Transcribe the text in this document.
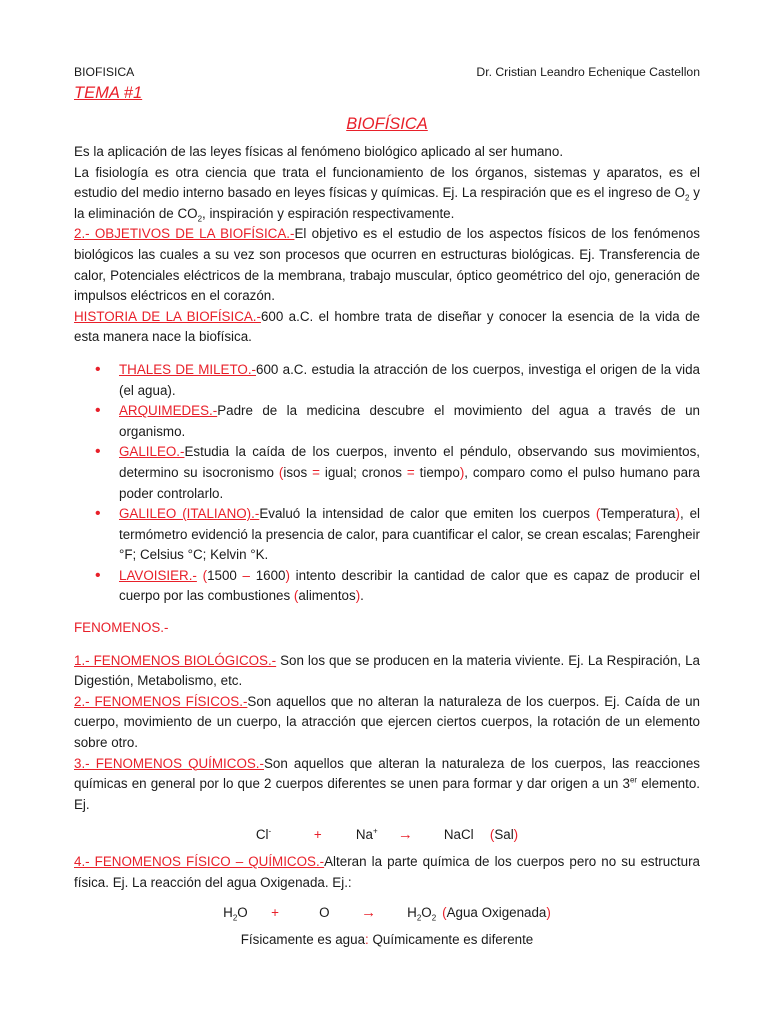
BIOFISICA	Dr. Cristian Leandro Echenique Castellon
TEMA #1
BIOFÍSICA

Es la aplicación de las leyes físicas al fenómeno biológico aplicado al ser humano.

La fisiología es otra ciencia que trata el funcionamiento de los órganos, sistemas y aparatos, es el estudio del medio interno basado en leyes físicas y químicas. Ej. La respiración que es el ingreso de $O_2$ y la eliminación de $CO_2$, inspiración y espiración respectivamente.

2.- OBJETIVOS DE LA BIOFÍSICA.-El objetivo es el estudio de los aspectos físicos de los fenómenos biológicos las cuales a su vez son procesos que ocurren en estructuras biológicas. Ej. Transferencia de calor, Potenciales eléctricos de la membrana, trabajo muscular, óptico geométrico del ojo, generación de impulsos eléctricos en el corazón.

HISTORIA DE LA BIOFÍSICA.-600 a.C. el hombre trata de diseñar y conocer la esencia de la vida de esta manera nace la biofísica.

• THALES DE MILETO.-600 a.C. estudia la atracción de los cuerpos, investiga el origen de la vida (el agua).
• ARQUIMEDES.-Padre de la medicina descubre el movimiento del agua a través de un organismo.
• GALILEO.-Estudia la caída de los cuerpos, invento el péndulo, observando sus movimientos, determino su isocronismo (isos = igual; cronos = tiempo), comparo como el pulso humano para poder controlarlo.
• GALILEO (ITALIANO).-Evaluó la intensidad de calor que emiten los cuerpos (Temperatura), el termómetro evidenció la presencia de calor, para cuantificar el calor, se crean escalas; Farengheir °F; Celsius °C; Kelvin °K.
• LAVOISIER.- (1500 – 1600) intento describir la cantidad de calor que es capaz de producir el cuerpo por las combustiones (alimentos).

FENOMENOS.-

1.- FENOMENOS BIOLÓGICOS.- Son los que se producen en la materia viviente. Ej. La Respiración, La Digestión, Metabolismo, etc.

2.- FENOMENOS FÍSICOS.-Son aquellos que no alteran la naturaleza de los cuerpos. Ej. Caída de un cuerpo, movimiento de un cuerpo, la atracción que ejercen ciertos cuerpos, la rotación de un elemento sobre otro.

3.- FENOMENOS QUÍMICOS.-Son aquellos que alteran la naturaleza de los cuerpos, las reacciones químicas en general por lo que 2 cuerpos diferentes se unen para formar y dar origen a un 3er elemento. Ej.

Cl-	+	Na+	→	NaCl	(Sal)

4.- FENOMENOS FÍSICO – QUÍMICOS.-Alteran la parte química de los cuerpos pero no su estructura física. Ej. La reacción del agua Oxigenada. Ej.:

$H_2O$	+	O	→	$H_2O_2$ (Agua Oxigenada)

Físicamente es agua: Químicamente es diferente
